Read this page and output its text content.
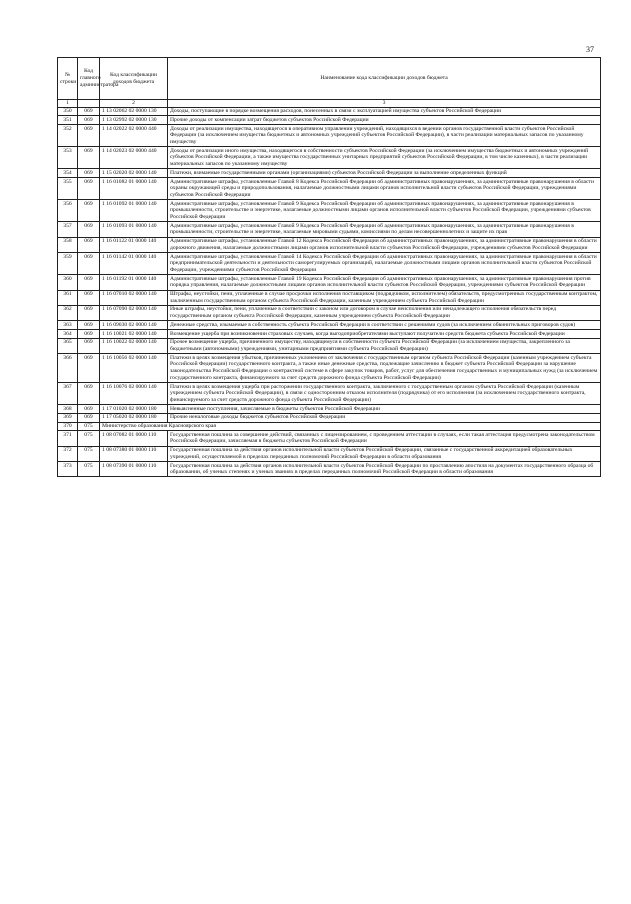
37
№ строки	Код главного администратора	Код классификации доходов бюджета	Наименование кода классификации доходов бюджета
1		2	3
350	069	1 13 02062 02 0000 130	Доходы, поступающие в порядке возмещения расходов, понесенных в связи с эксплуатацией имущества субъектов Российской Федерации
351	069	1 13 02992 02 0000 130	Прочие доходы от компенсации затрат бюджетов субъектов Российской Федерации
352	069	1 14 02022 02 0000 440	Доходы от реализации имущества, находящегося в оперативном управлении учреждений, находящихся в ведении органов государственной власти субъектов Российской Федерации (за исключением имущества бюджетных и автономных учреждений субъектов Российской Федерации), в части реализации материальных запасов по указанному имуществу
353	069	1 14 02023 02 0000 440	Доходы от реализации иного имущества, находящегося в собственности субъектов Российской Федерации (за исключением имущества бюджетных и автономных учреждений субъектов Российской Федерации, а также имущества государственных унитарных предприятий субъектов Российской Федерации, в том числе казенных), в части реализации материальных запасов по указанному имуществу
354	069	1 15 02020 02 0000 140	Платежи, взимаемые государственными органами (организациями) субъектов Российской Федерации за выполнение определенных функций
355	069	1 16 01082 01 0000 140	Административные штрафы, установленные Главой 8 Кодекса Российской Федерации об административных правонарушениях, за административные правонарушения в области охраны окружающей среды и природопользования, налагаемые должностными лицами органов исполнительной власти субъектов Российской Федерации, учреждениями субъектов Российской Федерации
356	069	1 16 01092 01 0000 140	Административные штрафы, установленные Главой 9 Кодекса Российской Федерации об административных правонарушениях, за административные правонарушения в промышленности, строительстве и энергетике, налагаемые должностными лицами органов исполнительной власти субъектов Российской Федерации, учреждениями субъектов Российской Федерации
357	069	1 16 01093 01 0000 140	Административные штрафы, установленные Главой 9 Кодекса Российской Федерации об административных правонарушениях, за административные правонарушения в промышленности, строительстве и энергетике, налагаемые мировыми судьями, комиссиями по делам несовершеннолетних и защите их прав
358	069	1 16 01122 01 0000 140	Административные штрафы, установленные Главой 12 Кодекса Российской Федерации об административных правонарушениях, за административные правонарушения в области дорожного движения, налагаемые должностными лицами органов исполнительной власти субъектов Российской Федерации, учреждениями субъектов Российской Федерации
359	069	1 16 01142 01 0000 140	Административные штрафы, установленные Главой 14 Кодекса Российской Федерации об административных правонарушениях, за административные правонарушения в области предпринимательской деятельности и деятельности саморегулируемых организаций, налагаемые должностными лицами органов исполнительной власти субъектов Российской Федерации, учреждениями субъектов Российской Федерации
360	069	1 16 01192 01 0000 140	Административные штрафы, установленные Главой 19 Кодекса Российской Федерации об административных правонарушениях, за административные правонарушения против порядка управления, налагаемые должностными лицами органов исполнительной власти субъектов Российской Федерации, учреждениями субъектов Российской Федерации
361	069	1 16 07010 02 0000 140	Штрафы, неустойки, пени, уплаченные в случае просрочки исполнения поставщиком (подрядчиком, исполнителем) обязательств, предусмотренных государственным контрактом, заключенным государственным органом субъекта Российской Федерации, казенным учреждением субъекта Российской Федерации
362	069	1 16 07090 02 0000 140	Иные штрафы, неустойки, пени, уплаченные в соответствии с законом или договором в случае неисполнения или ненадлежащего исполнения обязательств перед государственным органом субъекта Российской Федерации, казенным учреждением субъекта Российской Федерации
363	069	1 16 09030 02 0000 140	Денежные средства, изымаемые в собственность субъекта Российской Федерации в соответствии с решениями судов (за исключением обвинительных приговоров судов)
364	069	1 16 10021 02 0000 140	Возмещение ущерба при возникновении страховых случаев, когда выгодоприобретателями выступают получатели средств бюджета субъекта Российской Федерации
365	069	1 16 10022 02 0000 140	Прочее возмещение ущерба, причиненного имуществу, находящемуся в собственности субъекта Российской Федерации (за исключением имущества, закрепленного за бюджетными (автономными) учреждениями, унитарными предприятиями субъекта Российской Федерации)
366	069	1 16 10056 02 0000 140	Платежи в целях возмещения убытков, причиненных уклонением от заключения с государственным органом субъекта Российской Федерации (казенным учреждением субъекта Российской Федерации) государственного контракта, а также иные денежные средства, подлежащие зачислению в бюджет субъекта Российской Федерации за нарушение законодательства Российской Федерации о контрактной системе в сфере закупок товаров, работ, услуг для обеспечения государственных и муниципальных нужд (за исключением государственного контракта, финансируемого за счет средств дорожного фонда субъекта Российской Федерации)
367	069	1 16 10076 02 0000 140	Платежи в целях возмещения ущерба при расторжении государственного контракта, заключенного с государственным органом субъекта Российской Федерации (казенным учреждением субъекта Российской Федерации), в связи с односторонним отказом исполнителя (подрядчика) от его исполнения (за исключением государственного контракта, финансируемого за счет средств дорожного фонда субъекта Российской Федерации)
368	069	1 17 01020 02 0000 180	Невыясненные поступления, зачисляемые в бюджеты субъектов Российской Федерации
369	069	1 17 05020 02 0000 180	Прочие неналоговые доходы бюджетов субъектов Российской Федерации
370	075	Министерство образования Красноярского края	
371	075	1 08 07082 01 0000 110	Государственная пошлина за совершение действий, связанных с лицензированием, с проведением аттестации в случаях, если такая аттестация предусмотрена законодательством Российской Федерации, зачисляемая в бюджеты субъектов Российской Федерации
372	075	1 08 07380 01 0000 110	Государственная пошлина за действия органов исполнительной власти субъектов Российской Федерации, связанные с государственной аккредитацией образовательных учреждений, осуществляемой в пределах переданных полномочий Российской Федерации в области образования
373	075	1 08 07390 01 0000 110	Государственная пошлина за действия органов исполнительной власти субъектов Российской Федерации по проставлению апостиля на документах государственного образца об образовании, об ученых степенях и ученых званиях в пределах переданных полномочий Российской Федерации в области образования
